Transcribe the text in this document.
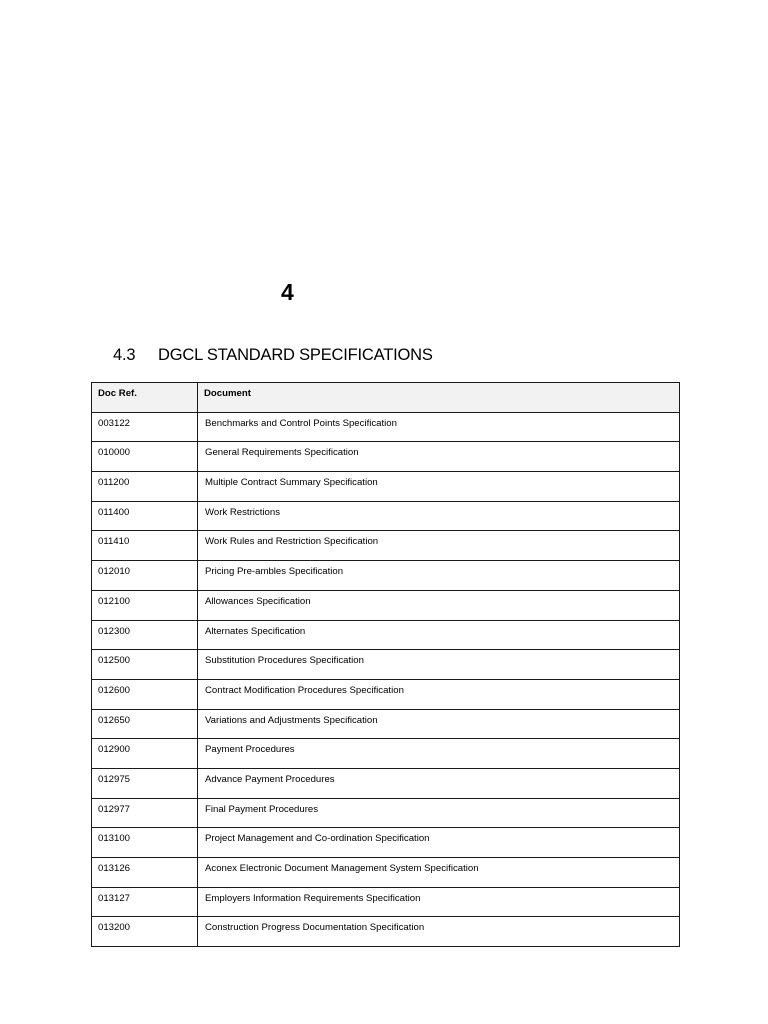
4
4.3 DGCL STANDARD SPECIFICATIONS
Doc Ref.	Document
003122	Benchmarks and Control Points Specification
010000	General Requirements Specification
011200	Multiple Contract Summary Specification
011400	Work Restrictions
011410	Work Rules and Restriction Specification
012010	Pricing Pre-ambles Specification
012100	Allowances Specification
012300	Alternates Specification
012500	Substitution Procedures Specification
012600	Contract Modification Procedures Specification
012650	Variations and Adjustments Specification
012900	Payment Procedures
012975	Advance Payment Procedures
012977	Final Payment Procedures
013100	Project Management and Co-ordination Specification
013126	Aconex Electronic Document Management System Specification
013127	Employers Information Requirements Specification
013200	Construction Progress Documentation Specification
